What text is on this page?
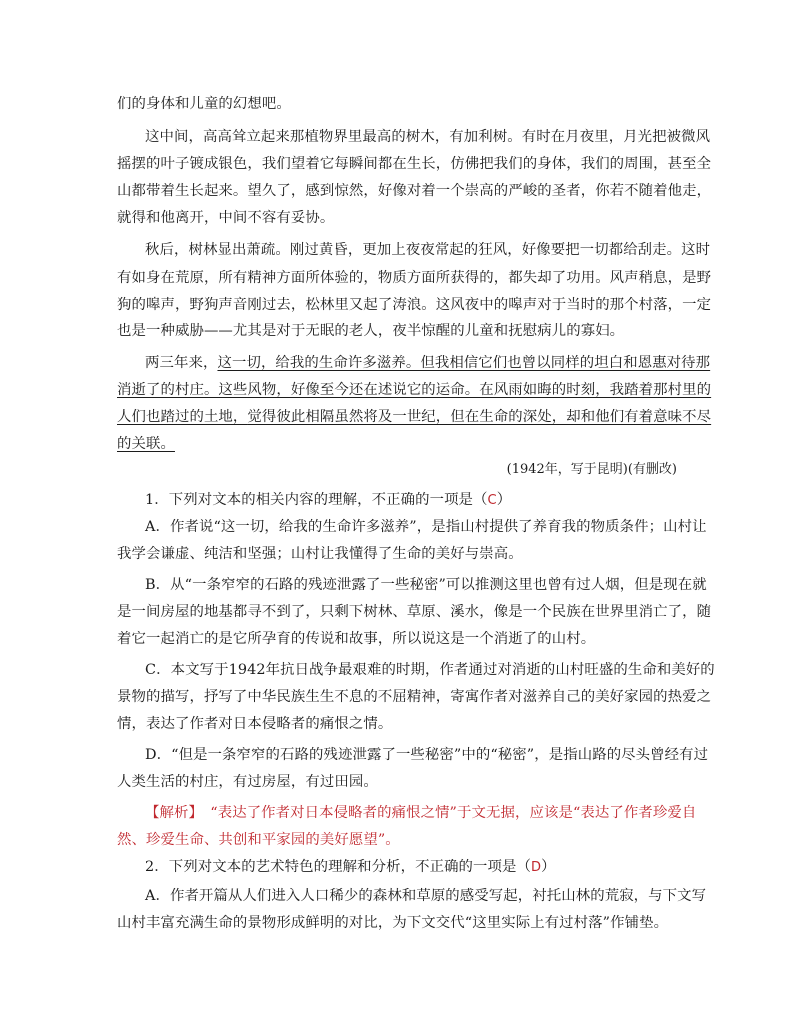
们的身体和儿童的幻想吧。
这中间，高高耸立起来那植物界里最高的树木，有加利树。有时在月夜里，月光把被微风
摇摆的叶子镀成银色，我们望着它每瞬间都在生长，仿佛把我们的身体，我们的周围，甚至全
山都带着生长起来。望久了，感到惊然，好像对着一个崇高的严峻的圣者，你若不随着他走，
就得和他离开，中间不容有妥协。
秋后，树林显出萧疏。刚过黄昏，更加上夜夜常起的狂风，好像要把一切都给刮走。这时
有如身在荒原，所有精神方面所体验的，物质方面所获得的，都失却了功用。风声稍息，是野
狗的嗥声，野狗声音刚过去，松林里又起了涛浪。这风夜中的嗥声对于当时的那个村落，一定
也是一种威胁——尤其是对于无眠的老人，夜半惊醒的儿童和抚慰病儿的寡妇。
两三年来，这一切，给我的生命许多滋养。但我相信它们也曾以同样的坦白和恩惠对待那
消逝了的村庄。这些风物，好像至今还在述说它的运命。在风雨如晦的时刻，我踏着那村里的
人们也踏过的土地，觉得彼此相隔虽然将及一世纪，但在生命的深处，却和他们有着意味不尽
的关联。
(1942年，写于昆明)(有删改)
1．下列对文本的相关内容的理解，不正确的一项是（C）
A．作者说“这一切，给我的生命许多滋养”，是指山村提供了养育我的物质条件；山村让
我学会谦虚、纯洁和坚强；山村让我懂得了生命的美好与崇高。
B．从“一条窄窄的石路的残迹泄露了一些秘密”可以推测这里也曾有过人烟，但是现在就
是一间房屋的地基都寻不到了，只剩下树林、草原、溪水，像是一个民族在世界里消亡了，随
着它一起消亡的是它所孕育的传说和故事，所以说这是一个消逝了的山村。
C．本文写于1942年抗日战争最艰难的时期，作者通过对消逝的山村旺盛的生命和美好的
景物的描写，抒写了中华民族生生不息的不屈精神，寄寓作者对滋养自己的美好家园的热爱之
情，表达了作者对日本侵略者的痛恨之情。
D．“但是一条窄窄的石路的残迹泄露了一些秘密”中的“秘密”，是指山路的尽头曾经有过
人类生活的村庄，有过房屋，有过田园。
【解析】　“表达了作者对日本侵略者的痛恨之情”于文无据，应该是“表达了作者珍爱自
然、珍爱生命、共创和平家园的美好愿望”。
2．下列对文本的艺术特色的理解和分析，不正确的一项是（D）
A．作者开篇从人们进入人口稀少的森林和草原的感受写起，衬托山林的荒寂，与下文写
山村丰富充满生命的景物形成鲜明的对比，为下文交代“这里实际上有过村落”作铺垫。
